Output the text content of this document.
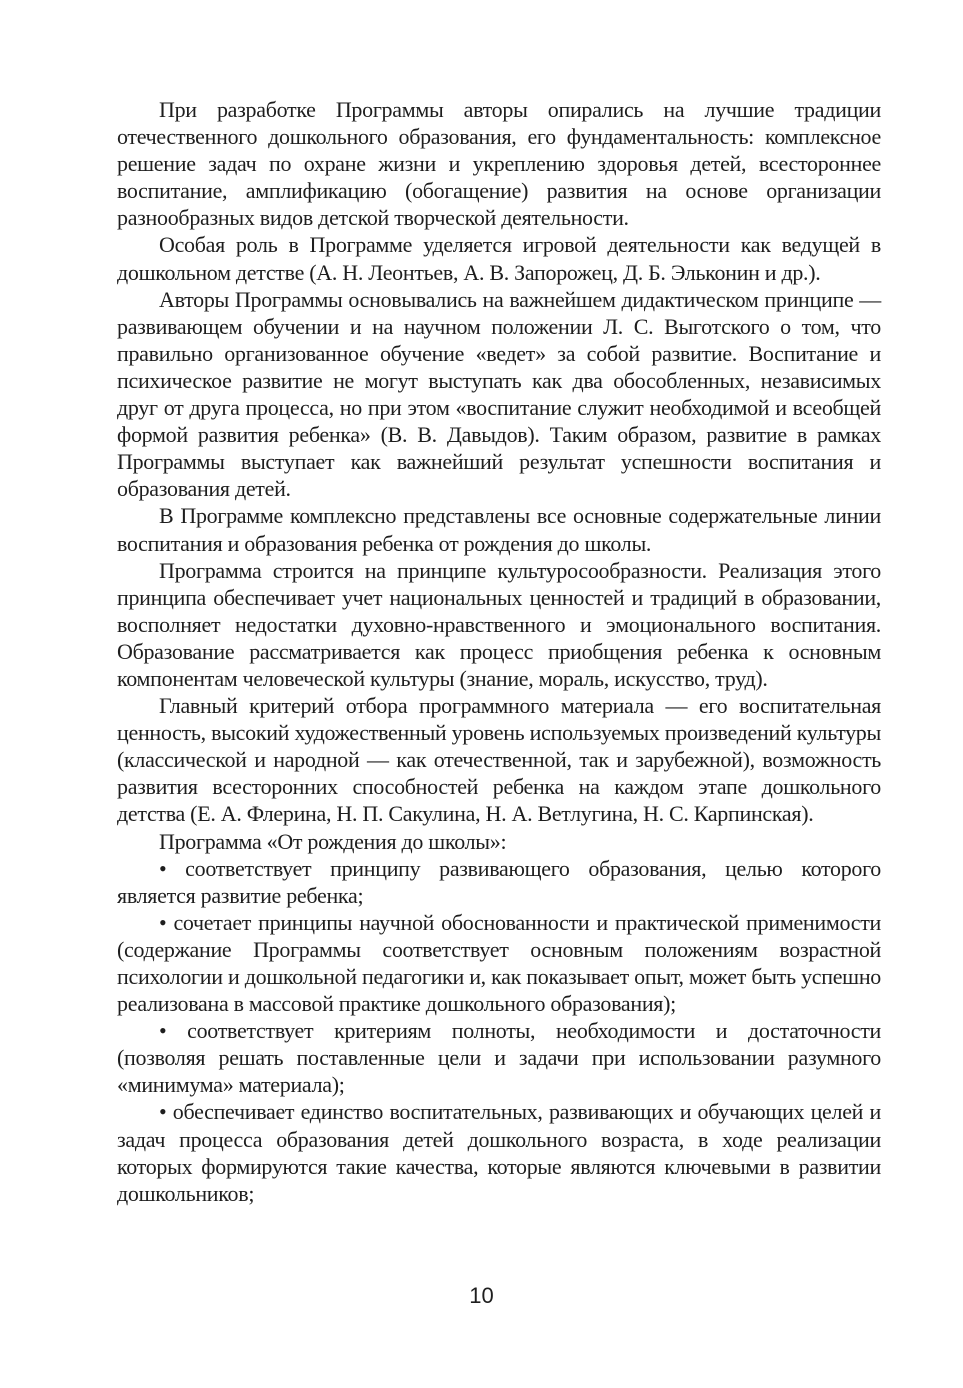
При разработке Программы авторы опирались на лучшие традиции отечественного дошкольного образования, его фундаментальность: комплексное решение задач по охране жизни и укреплению здоровья детей, всестороннее воспитание, амплификацию (обогащение) развития на основе организации разнообразных видов детской творческой деятельности.

Особая роль в Программе уделяется игровой деятельности как ведущей в дошкольном детстве (А. Н. Леонтьев, А. В. Запорожец, Д. Б. Эльконин и др.).

Авторы Программы основывались на важнейшем дидактическом принципе — развивающем обучении и на научном положении Л. С. Выготского о том, что правильно организованное обучение «ведет» за собой развитие. Воспитание и психическое развитие не могут выступать как два обособленных, независимых друг от друга процесса, но при этом «воспитание служит необходимой и всеобщей формой развития ребенка» (В. В. Давыдов). Таким образом, развитие в рамках Программы выступает как важнейший результат успешности воспитания и образования детей.

В Программе комплексно представлены все основные содержательные линии воспитания и образования ребенка от рождения до школы.

Программа строится на принципе культуросообразности. Реализация этого принципа обеспечивает учет национальных ценностей и традиций в образовании, восполняет недостатки духовно-нравственного и эмоционального воспитания. Образование рассматривается как процесс приобщения ребенка к основным компонентам человеческой культуры (знание, мораль, искусство, труд).

Главный критерий отбора программного материала — его воспитательная ценность, высокий художественный уровень используемых произведений культуры (классической и народной — как отечественной, так и зарубежной), возможность развития всесторонних способностей ребенка на каждом этапе дошкольного детства (Е. А. Флерина, Н. П. Сакулина, Н. А. Ветлугина, Н. С. Карпинская).

Программа «От рождения до школы»:

• соответствует принципу развивающего образования, целью которого является развитие ребенка;

• сочетает принципы научной обоснованности и практической применимости (содержание Программы соответствует основным положениям возрастной психологии и дошкольной педагогики и, как показывает опыт, может быть успешно реализована в массовой практике дошкольного образования);

• соответствует критериям полноты, необходимости и достаточности (позволяя решать поставленные цели и задачи при использовании разумного «минимума» материала);

• обеспечивает единство воспитательных, развивающих и обучающих целей и задач процесса образования детей дошкольного возраста, в ходе реализации которых формируются такие качества, которые являются ключевыми в развитии дошкольников;

10
